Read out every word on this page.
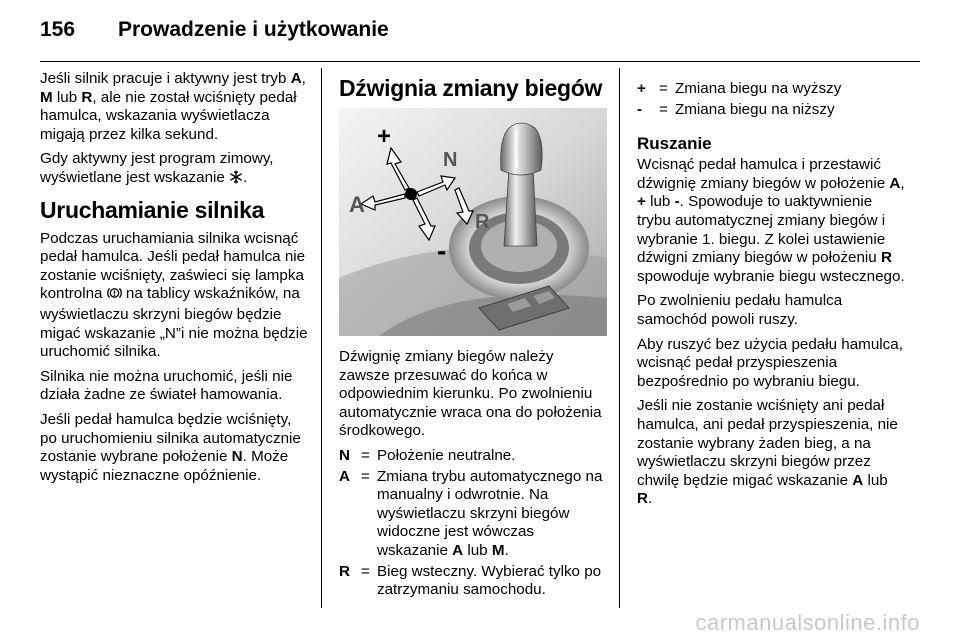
156 Prowadzenie i użytkowanie

Jeśli silnik pracuje i aktywny jest tryb A, M lub R, ale nie został wciśnięty pedał hamulca, wskazania wyświetlacza migają przez kilka sekund.

Gdy aktywny jest program zimowy, wyświetlane jest wskazanie .

Uruchamianie silnika

Podczas uruchamiania silnika wcisnąć pedał hamulca. Jeśli pedał hamulca nie zostanie wciśnięty, zaświeci się lampka kontrolna  na tablicy wskaźników, na wyświetlaczu skrzyni biegów będzie migać wskazanie „N”i nie można będzie uruchomić silnika.

Silnika nie można uruchomić, jeśli nie działa żadne ze świateł hamowania.

Jeśli pedał hamulca będzie wciśnięty, po uruchomieniu silnika automatycznie zostanie wybrane położenie N. Może wystąpić nieznaczne opóźnienie.

Dźwignia zmiany biegów
+
N
A
-
R

Dźwignię zmiany biegów należy zawsze przesuwać do końca w odpowiednim kierunku. Po zwolnieniu automatycznie wraca ona do położenia środkowego.

N = Położenie neutralne.
A = Zmiana trybu automatycznego na manualny i odwrotnie. Na wyświetlaczu skrzyni biegów widoczne jest wówczas wskazanie A lub M.
R = Bieg wsteczny. Wybierać tylko po zatrzymaniu samochodu.
+ = Zmiana biegu na wyższy
-	= Zmiana biegu na niższy
Ruszanie

Wcisnąć pedał hamulca i przestawić dźwignię zmiany biegów w położenie A, + lub -. Spowoduje to uaktywnienie trybu automatycznej zmiany biegów i wybranie 1. biegu. Z kolei ustawienie dźwigni zmiany biegów w położeniu R spowoduje wybranie biegu wstecznego.

Po zwolnieniu pedału hamulca samochód powoli ruszy.

Aby ruszyć bez użycia pedału hamulca, wcisnąć pedał przyspieszenia bezpośrednio po wybraniu biegu.

Jeśli nie zostanie wciśnięty ani pedał hamulca, ani pedał przyspieszenia, nie zostanie wybrany żaden bieg, a na wyświetlaczu skrzyni biegów przez chwilę będzie migać wskazanie A lub R.

carmanualsonline.info
